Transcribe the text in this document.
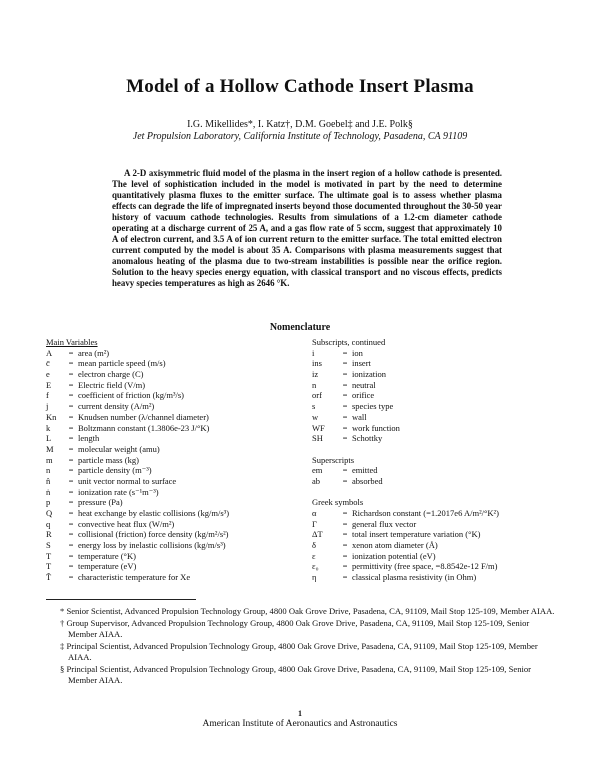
Model of a Hollow Cathode Insert Plasma
I.G. Mikellides*, I. Katz†, D.M. Goebel‡ and J.E. Polk§
Jet Propulsion Laboratory, California Institute of Technology, Pasadena, CA 91109

A 2-D axisymmetric fluid model of the plasma in the insert region of a hollow cathode is presented. The level of sophistication included in the model is motivated in part by the need to determine quantitatively plasma fluxes to the emitter surface. The ultimate goal is to assess whether plasma effects can degrade the life of impregnated inserts beyond those documented throughout the 30-50 year history of vacuum cathode technologies. Results from simulations of a 1.2-cm diameter cathode operating at a discharge current of 25 A, and a gas flow rate of 5 sccm, suggest that approximately 10 A of electron current, and 3.5 A of ion current return to the emitter surface. The total emitted electron current computed by the model is about 35 A. Comparisons with plasma measurements suggest that anomalous heating of the plasma due to two-stream instabilities is possible near the orifice region. Solution to the heavy species energy equation, with classical transport and no viscous effects, predicts heavy species temperatures as high as 2646 °K.

Nomenclature
Main Variables
A	= area (m²)
c̄	= mean particle speed (m/s)
e	= electron charge (C)
E	= Electric field (V/m)
f	= coefficient of friction (kg/m³/s)
j	= current density (A/m²)
Kn	= Knudsen number (λ/channel diameter)
k	= Boltzmann constant (1.3806e-23 J/°K)
L	= length
M	= molecular weight (amu)
m	= particle mass (kg)
n	= particle density (m⁻³)
n̂	= unit vector normal to surface
ṅ	= ionization rate (s⁻¹m⁻³)
p	= pressure (Pa)
Q	= heat exchange by elastic collisions (kg/m/s³)
q	= convective heat flux (W/m²)
R	= collisional (friction) force density (kg/m²/s²)
S	= energy loss by inelastic collisions (kg/m/s³)
T	= temperature (°K)
T	= temperature (eV)
T̃	= characteristic temperature for Xe
Subscripts, continued
i	= ion
ins	= insert
iz	= ionization
n	= neutral
orf	= orifice
s	= species type
w	= wall
WF	= work function
SH	= Schottky
Superscripts
em	= emitted
ab	= absorbed
Greek symbols
α	= Richardson constant (=1.2017e6 A/m²/°K²)
Γ	= general flux vector
ΔT	= total insert temperature variation (°K)
δ	= xenon atom diameter (Å)
ε	= ionization potential (eV)
ε₀	= permittivity (free space, =8.8542e-12 F/m)
η	= classical plasma resistivity (in Ohm)

* Senior Scientist, Advanced Propulsion Technology Group, 4800 Oak Grove Drive, Pasadena, CA, 91109, Mail Stop 125-109, Member AIAA.

† Group Supervisor, Advanced Propulsion Technology Group, 4800 Oak Grove Drive, Pasadena, CA, 91109, Mail Stop 125-109, Senior Member AIAA.

‡ Principal Scientist, Advanced Propulsion Technology Group, 4800 Oak Grove Drive, Pasadena, CA, 91109, Mail Stop 125-109, Member AIAA.

§ Principal Scientist, Advanced Propulsion Technology Group, 4800 Oak Grove Drive, Pasadena, CA, 91109, Mail Stop 125-109, Senior Member AIAA.

1
American Institute of Aeronautics and Astronautics
